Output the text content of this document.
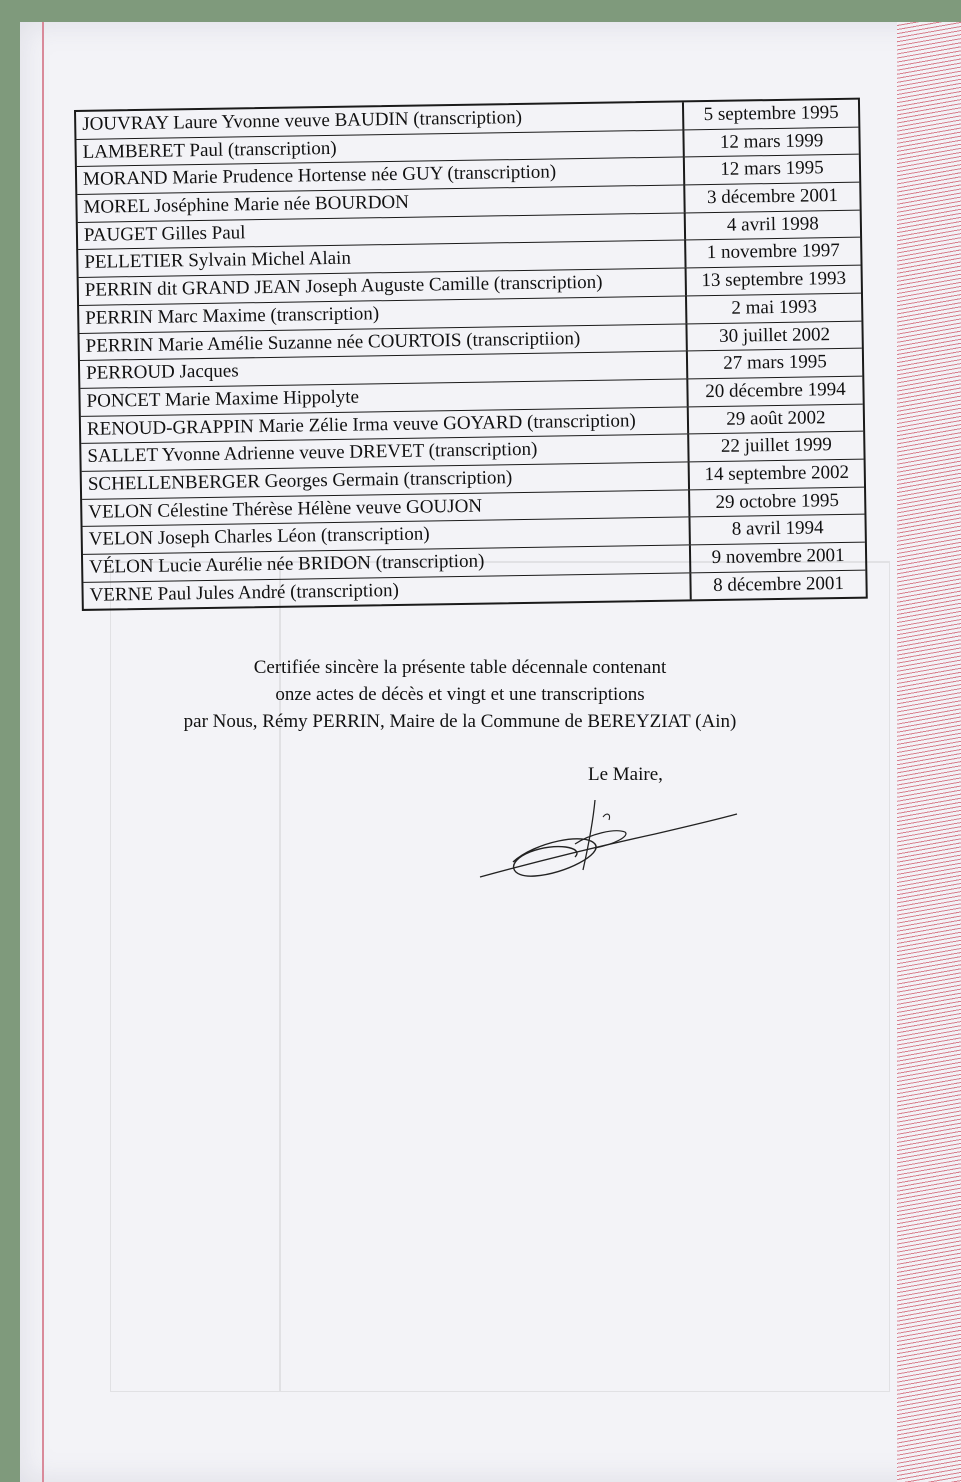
JOUVRAY Laure Yvonne veuve BAUDIN (transcription)	5 septembre 1995
LAMBERET Paul (transcription)	12 mars 1999
MORAND Marie Prudence Hortense née GUY (transcription)	12 mars 1995
MOREL Joséphine Marie née BOURDON	3 décembre 2001
PAUGET Gilles Paul	4 avril 1998
PELLETIER Sylvain Michel Alain	1 novembre 1997
PERRIN dit GRAND JEAN Joseph Auguste Camille (transcription)	13 septembre 1993
PERRIN Marc Maxime (transcription)	2 mai 1993
PERRIN Marie Amélie Suzanne née COURTOIS (transcriptiion)	30 juillet 2002
PERROUD Jacques	27 mars 1995
PONCET Marie Maxime Hippolyte	20 décembre 1994
RENOUD-GRAPPIN Marie Zélie Irma veuve GOYARD (transcription)	29 août 2002
SALLET Yvonne Adrienne veuve DREVET (transcription)	22 juillet 1999
SCHELLENBERGER Georges Germain (transcription)	14 septembre 2002
VELON Célestine Thérèse Hélène veuve GOUJON	29 octobre 1995
VELON Joseph Charles Léon (transcription)	8 avril 1994
VÉLON Lucie Aurélie née BRIDON (transcription)	9 novembre 2001
VERNE Paul Jules André (transcription)	8 décembre 2001
Certifiée sincère la présente table décennale contenant
onze actes de décès et vingt et une transcriptions
par Nous, Rémy PERRIN, Maire de la Commune de BEREYZIAT (Ain)
Le Maire,
